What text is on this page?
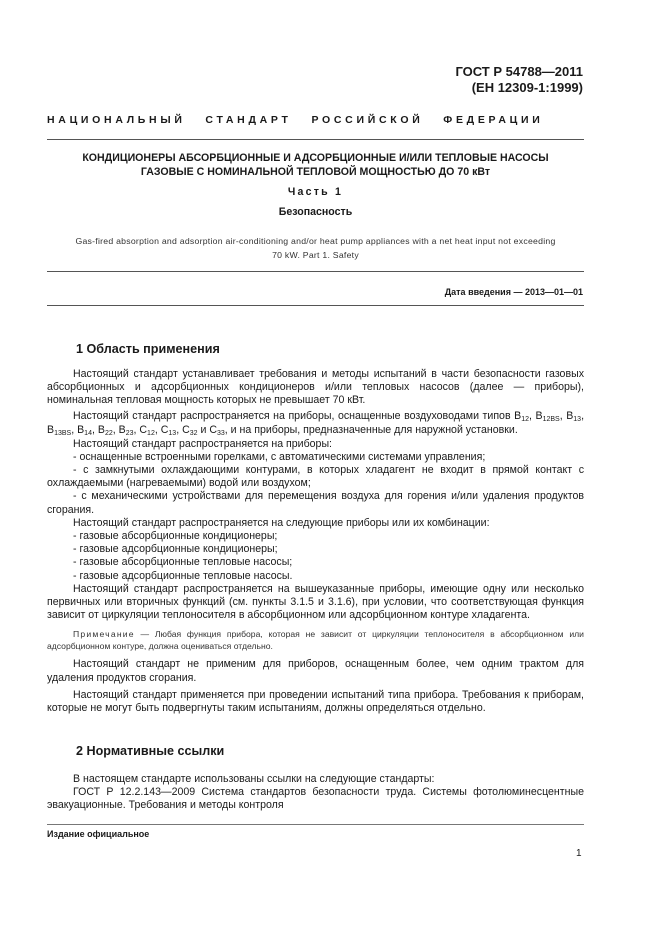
ГОСТ Р 54788—2011
(ЕН 12309-1:1999)
НАЦИОНАЛЬНЫЙ   СТАНДАРТ   РОССИЙСКОЙ   ФЕДЕРАЦИИ
КОНДИЦИОНЕРЫ АБСОРБЦИОННЫЕ И АДСОРБЦИОННЫЕ И/ИЛИ ТЕПЛОВЫЕ НАСОСЫ
ГАЗОВЫЕ С НОМИНАЛЬНОЙ ТЕПЛОВОЙ МОЩНОСТЬЮ ДО 70 кВт
Часть 1
Безопасность
Gas-fired absorption and adsorption air-conditioning and/or heat pump appliances with a net heat input not exceeding
70 kW. Part 1. Safety
Дата введения — 2013—01—01
1 Область применения

Настоящий стандарт устанавливает требования и методы испытаний в части безопасности газовых абсорбционных и адсорбционных кондиционеров и/или тепловых насосов (далее — приборы), номинальная тепловая мощность которых не превышает 70 кВт.

Настоящий стандарт распространяется на приборы, оснащенные воздуховодами типов $B_{12}$, $B_{12BS}$, $B_{13}$, $B_{13BS}$, $B_{14}$, $B_{22}$, $B_{23}$, $C_{12}$, $C_{13}$, $C_{32}$ и $C_{33}$, и на приборы, предназначенные для наружной установки.

Настоящий стандарт распространяется на приборы:

- оснащенные встроенными горелками, с автоматическими системами управления;

- с замкнутыми охлаждающими контурами, в которых хладагент не входит в прямой контакт с охлаждаемыми (нагреваемыми) водой или воздухом;

- с механическими устройствами для перемещения воздуха для горения и/или удаления продуктов сгорания.

Настоящий стандарт распространяется на следующие приборы или их комбинации:

- газовые абсорбционные кондиционеры;

- газовые адсорбционные кондиционеры;

- газовые абсорбционные тепловые насосы;

- газовые адсорбционные тепловые насосы.

Настоящий стандарт распространяется на вышеуказанные приборы, имеющие одну или несколько первичных или вторичных функций (см. пункты 3.1.5 и 3.1.6), при условии, что соответствующая функция зависит от циркуляции теплоносителя в абсорбционном или адсорбционном контуре хладагента.

Примечание — Любая функция прибора, которая не зависит от циркуляции теплоносителя в абсорбционном или адсорбционном контуре, должна оцениваться отдельно.

Настоящий стандарт не применим для приборов, оснащенным более, чем одним трактом для удаления продуктов сгорания.

Настоящий стандарт применяется при проведении испытаний типа прибора. Требования к приборам, которые не могут быть подвергнуты таким испытаниям, должны определяться отдельно.

2 Нормативные ссылки

В настоящем стандарте использованы ссылки на следующие стандарты:

ГОСТ Р 12.2.143—2009 Система стандартов безопасности труда. Системы фотолюминесцентные эвакуационные. Требования и методы контроля

Издание официальное
1
